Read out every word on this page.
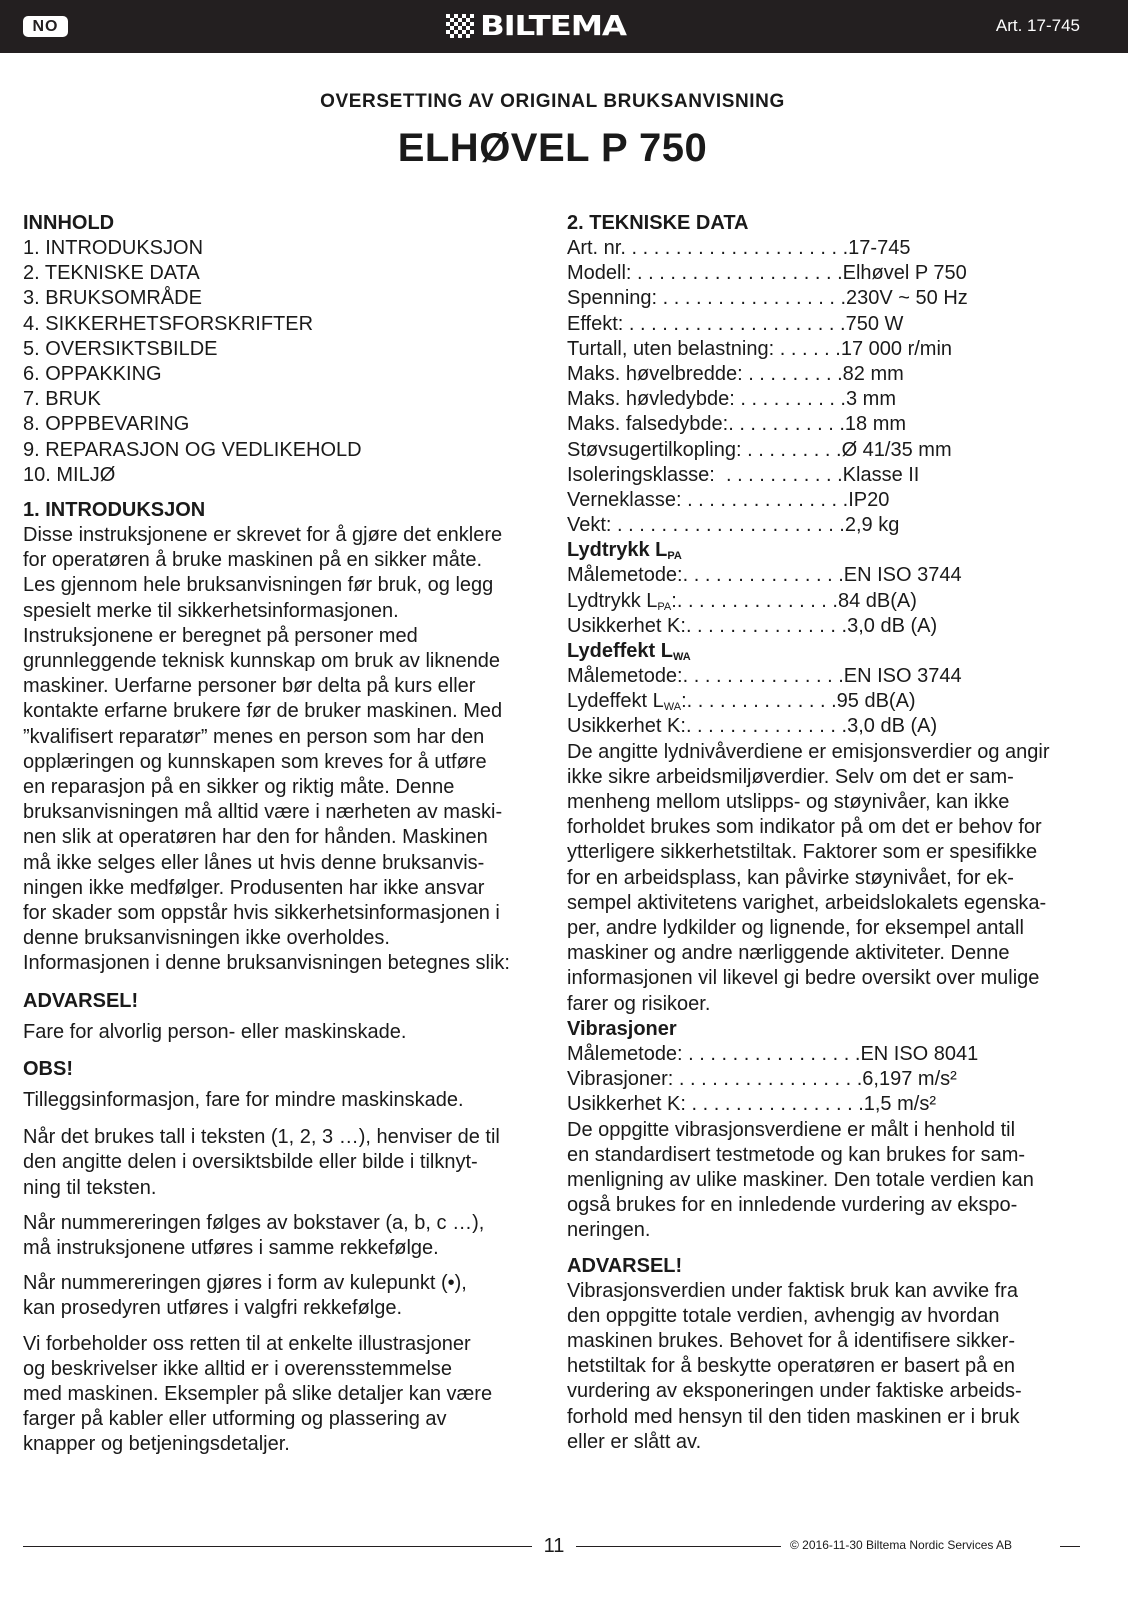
NO	BILTEMA	Art. 17-745
OVERSETTING AV ORIGINAL BRUKSANVISNING
ELHØVEL P 750
INNHOLD
1. INTRODUKSJON
2. TEKNISKE DATA
3. BRUKSOMRÅDE
4. SIKKERHETSFORSKRIFTER
5. OVERSIKTSBILDE
6. OPPAKKING
7. BRUK
8. OPPBEVARING
9. REPARASJON OG VEDLIKEHOLD
10. MILJØ
1. INTRODUKSJON
Disse instruksjonene er skrevet for å gjøre det enklere
for operatøren å bruke maskinen på en sikker måte.
Les gjennom hele bruksanvisningen før bruk, og legg
spesielt merke til sikkerhetsinformasjonen.
Instruksjonene er beregnet på personer med
grunnleggende teknisk kunnskap om bruk av liknende
maskiner. Uerfarne personer bør delta på kurs eller
kontakte erfarne brukere før de bruker maskinen. Med
”kvalifisert reparatør” menes en person som har den
opplæringen og kunnskapen som kreves for å utføre
en reparasjon på en sikker og riktig måte. Denne
bruksanvisningen må alltid være i nærheten av maski-
nen slik at operatøren har den for hånden. Maskinen
må ikke selges eller lånes ut hvis denne bruksanvis-
ningen ikke medfølger. Produsenten har ikke ansvar
for skader som oppstår hvis sikkerhetsinformasjonen i
denne bruksanvisningen ikke overholdes.
Informasjonen i denne bruksanvisningen betegnes slik:
ADVARSEL!
Fare for alvorlig person- eller maskinskade.
OBS!
Tilleggsinformasjon, fare for mindre maskinskade.
Når det brukes tall i teksten (1, 2, 3 …), henviser de til
den angitte delen i oversiktsbilde eller bilde i tilknyt-
ning til teksten.
Når nummereringen følges av bokstaver (a, b, c …),
må instruksjonene utføres i samme rekkefølge.
Når nummereringen gjøres i form av kulepunkt (•),
kan prosedyren utføres i valgfri rekkefølge.
Vi forbeholder oss retten til at enkelte illustrasjoner
og beskrivelser ikke alltid er i overensstemmelse
med maskinen. Eksempler på slike detaljer kan være
farger på kabler eller utforming og plassering av
knapper og betjeningsdetaljer.
2. TEKNISKE DATA
Art. nr. . . . . . . . . . . . . . . . . . . . . 17-745
Modell: . . . . . . . . . . . . . . . . . . . Elhøvel P 750
Spenning: . . . . . . . . . . . . . . . . . 230V ~ 50 Hz
Effekt: . . . . . . . . . . . . . . . . . . . . 750 W
Turtall, uten belastning: . . . . . . 17 000 r/min
Maks. høvelbredde: . . . . . . . . . 82 mm
Maks. høvledybde: . . . . . . . . . . 3 mm
Maks. falsedybde: . . . . . . . . . . . 18 mm
Støvsugertilkopling: . . . . . . . . . Ø 41/35 mm
Isoleringsklasse: . . . . . . . . . . . Klasse II
Verneklasse: . . . . . . . . . . . . . . . IP20
Vekt: . . . . . . . . . . . . . . . . . . . . . 2,9 kg
Lydtrykk $L_{PA}$
Målemetode: . . . . . . . . . . . . . . . EN ISO 3744
Lydtrykk $L_{PA}$: . . . . . . . . . . . . . . . 84 dB(A)
Usikkerhet K: . . . . . . . . . . . . . . . 3,0 dB (A)
Lydeffekt $L_{WA}$
Målemetode: . . . . . . . . . . . . . . . EN ISO 3744
Lydeffekt $L_{WA}$: . . . . . . . . . . . . . . 95 dB(A)
Usikkerhet K: . . . . . . . . . . . . . . . 3,0 dB (A)
De angitte lydnivåverdiene er emisjonsverdier og angir
ikke sikre arbeidsmiljøverdier. Selv om det er sam-
menheng mellom utslipps- og støynivåer, kan ikke
forholdet brukes som indikator på om det er behov for
ytterligere sikkerhetstiltak. Faktorer som er spesifikke
for en arbeidsplass, kan påvirke støynivået, for ek-
sempel aktivitetens varighet, arbeidslokalets egenska-
per, andre lydkilder og lignende, for eksempel antall
maskiner og andre nærliggende aktiviteter. Denne
informasjonen vil likevel gi bedre oversikt over mulige
farer og risikoer.
Vibrasjoner
Målemetode: . . . . . . . . . . . . . . . . EN ISO 8041
Vibrasjoner: . . . . . . . . . . . . . . . . . 6,197 m/s²
Usikkerhet K: . . . . . . . . . . . . . . . . 1,5 m/s²
De oppgitte vibrasjonsverdiene er målt i henhold til
en standardisert testmetode og kan brukes for sam-
menligning av ulike maskiner. Den totale verdien kan
også brukes for en innledende vurdering av ekspo-
neringen.
ADVARSEL!
Vibrasjonsverdien under faktisk bruk kan avvike fra
den oppgitte totale verdien, avhengig av hvordan
maskinen brukes. Behovet for å identifisere sikker-
hetstiltak for å beskytte operatøren er basert på en
vurdering av eksponeringen under faktiske arbeids-
forhold med hensyn til den tiden maskinen er i bruk
eller er slått av.
11	© 2016-11-30 Biltema Nordic Services AB
